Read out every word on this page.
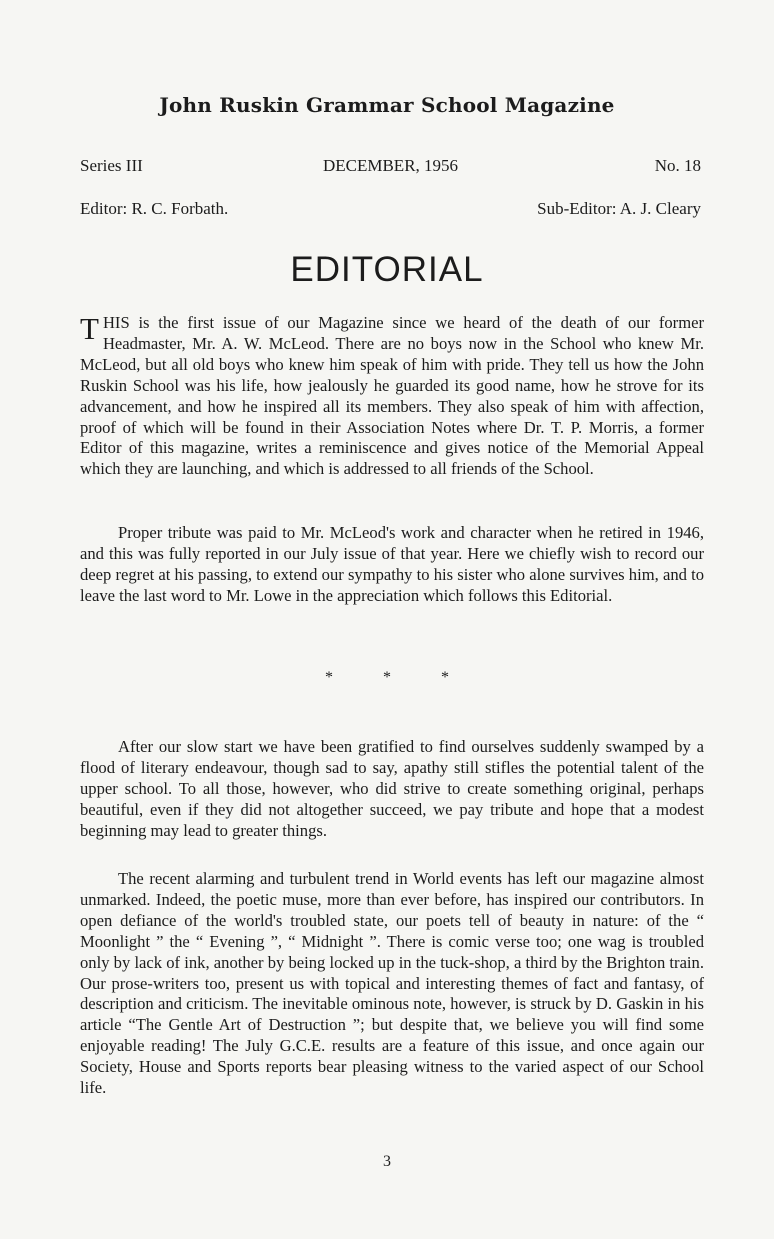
John Ruskin Grammar School Magazine
Series III	DECEMBER, 1956	No. 18
Editor: R. C. Forbath.	Sub-Editor: A. J. Cleary
EDITORIAL

THIS is the first issue of our Magazine since we heard of the death of our former Headmaster, Mr. A. W. McLeod. There are no boys now in the School who knew Mr. McLeod, but all old boys who knew him speak of him with pride. They tell us how the John Ruskin School was his life, how jealously he guarded its good name, how he strove for its advancement, and how he inspired all its members. They also speak of him with affection, proof of which will be found in their Association Notes where Dr. T. P. Morris, a former Editor of this magazine, writes a reminiscence and gives notice of the Memorial Appeal which they are launching, and which is addressed to all friends of the School.

Proper tribute was paid to Mr. McLeod's work and character when he retired in 1946, and this was fully reported in our July issue of that year. Here we chiefly wish to record our deep regret at his passing, to extend our sympathy to his sister who alone survives him, and to leave the last word to Mr. Lowe in the appreciation which follows this Editorial.

*	*	*

After our slow start we have been gratified to find ourselves suddenly swamped by a flood of literary endeavour, though sad to say, apathy still stifles the potential talent of the upper school. To all those, however, who did strive to create something original, perhaps beautiful, even if they did not altogether succeed, we pay tribute and hope that a modest beginning may lead to greater things.

The recent alarming and turbulent trend in World events has left our magazine almost unmarked. Indeed, the poetic muse, more than ever before, has inspired our contributors. In open defiance of the world's troubled state, our poets tell of beauty in nature: of the “ Moonlight ” the “ Evening ”, “ Midnight ”. There is comic verse too; one wag is troubled only by lack of ink, another by being locked up in the tuck-shop, a third by the Brighton train. Our prose-writers too, present us with topical and interesting themes of fact and fantasy, of description and criticism. The inevitable ominous note, however, is struck by D. Gaskin in his article “The Gentle Art of Destruction ”; but despite that, we believe you will find some enjoyable reading! The July G.C.E. results are a feature of this issue, and once again our Society, House and Sports reports bear pleasing witness to the varied aspect of our School life.

3
